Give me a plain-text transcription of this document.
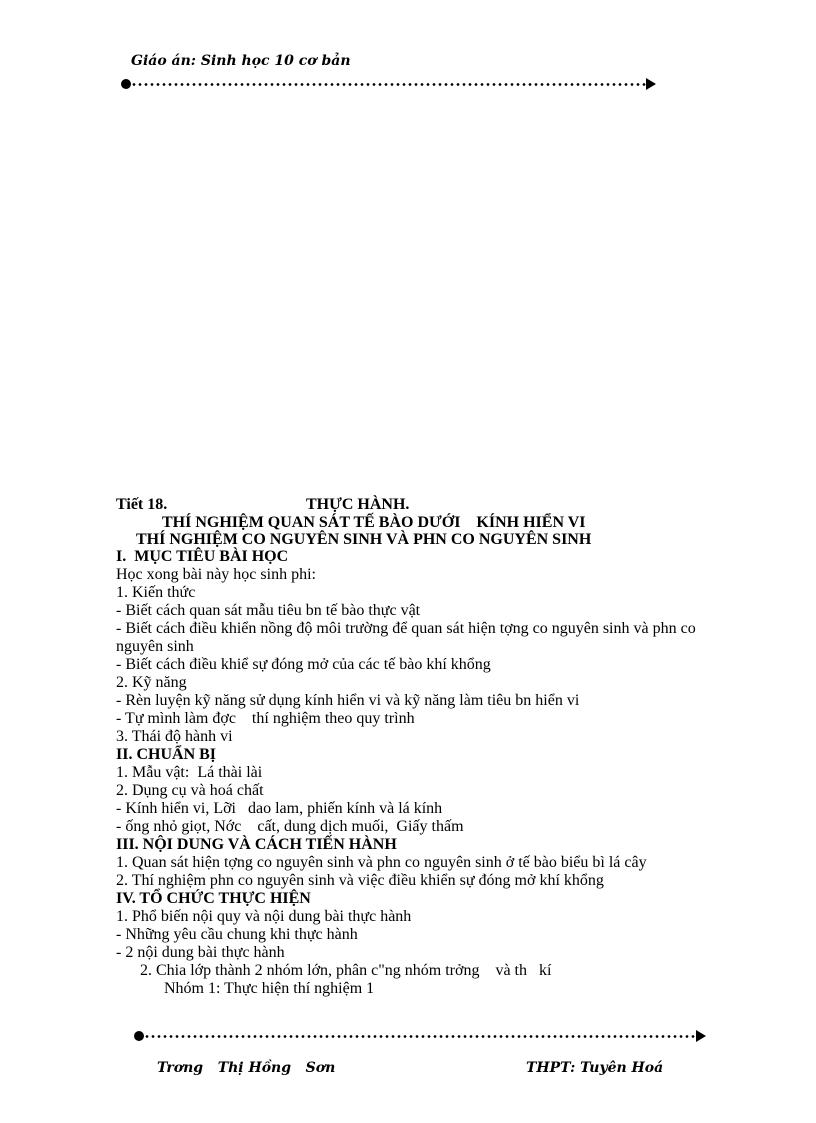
Giáo án: Sinh học 10 cơ bản
Tiết 18.	THỰC HÀNH.
THÍ NGHIỆM QUAN SÁT TẾ BÀO DƯỚI    KÍNH HIỂN VI
THÍ NGHIỆM CO NGUYÊN SINH VÀ PHN CO NGUYÊN SINH
I.  MỤC TIÊU BÀI HỌC
Học xong bài này học sinh phi:
1. Kiến thức
- Biết cách quan sát mẫu tiêu bn tế bào thực vật
- Biết cách điều khiển nồng độ môi trường để quan sát hiện tợng co nguyên sinh và phn co nguyên sinh
- Biết cách điều khiể sự đóng mở của các tế bào khí khổng
2. Kỹ năng
- Rèn luyện kỹ năng sử dụng kính hiển vi và kỹ năng làm tiêu bn hiển vi
- Tự mình làm đợc    thí nghiệm theo quy trình
3. Thái độ hành vi
II. CHUẨN BỊ
1. Mẫu vật:  Lá thài lài
2. Dụng cụ và hoá chất
- Kính hiển vi, Lỡi   dao lam, phiến kính và lá kính
- ống nhỏ giọt, Nớc    cất, dung dịch muối,  Giấy thấm
III. NỘI DUNG VÀ CÁCH TIẾN HÀNH
1. Quan sát hiện tợng co nguyên sinh và phn co nguyên sinh ở tế bào biểu bì lá cây
2. Thí nghiệm phn co nguyên sinh và việc điều khiển sự đóng mở khí khổng
IV. TỔ CHỨC THỰC HIỆN
1. Phổ biến nội quy và nội dung bài thực hành
- Những yêu cầu chung khi thực hành
- 2 nội dung bài thực hành
2. Chia lớp thành 2 nhóm lớn, phân c"ng nhóm trởng    và th   kí
Nhóm 1: Thực hiện thí nghiệm 1
Trơng   Thị Hồng   Sơn	THPT: Tuyên Hoá
